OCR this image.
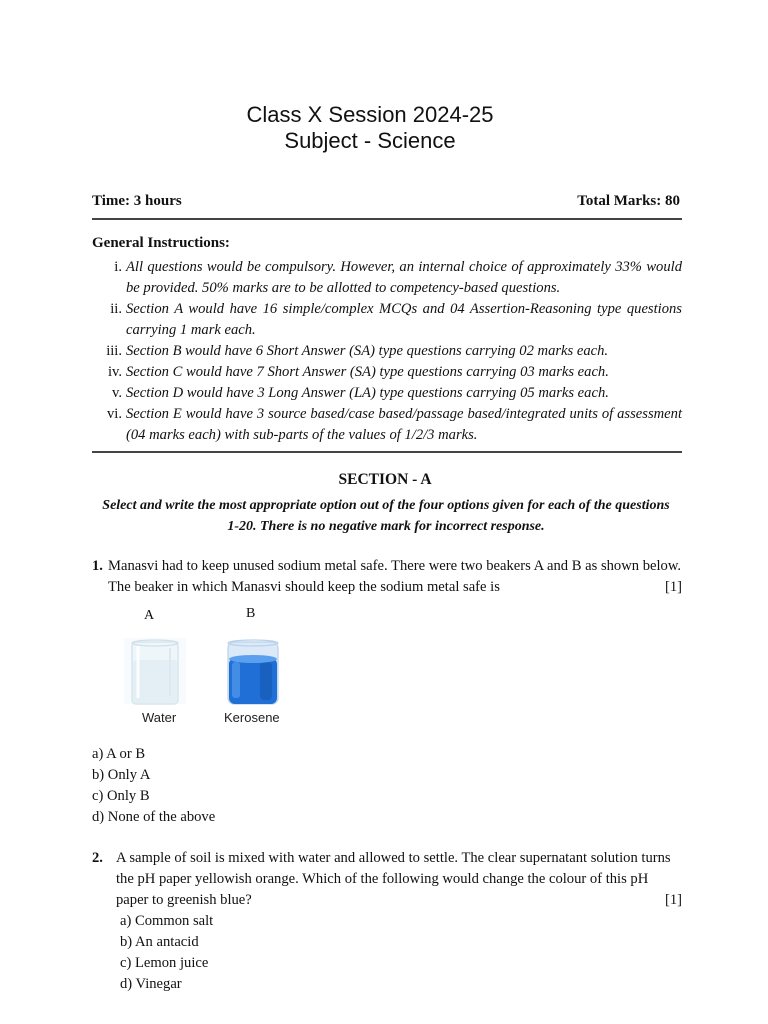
Class X Session 2024-25
Subject - Science
Time: 3 hours	Total Marks: 80
General Instructions:
i. All questions would be compulsory. However, an internal choice of approximately 33% would be provided. 50% marks are to be allotted to competency-based questions.
ii. Section A would have 16 simple/complex MCQs and 04 Assertion-Reasoning type questions carrying 1 mark each.
iii. Section B would have 6 Short Answer (SA) type questions carrying 02 marks each.
iv. Section C would have 7 Short Answer (SA) type questions carrying 03 marks each.
v. Section D would have 3 Long Answer (LA) type questions carrying 05 marks each.
vi. Section E would have 3 source based/case based/passage based/integrated units of assessment (04 marks each) with sub-parts of the values of 1/2/3 marks.
SECTION - A
Select and write the most appropriate option out of the four options given for each of the questions 1-20. There is no negative mark for incorrect response.
1. Manasvi had to keep unused sodium metal safe. There were two beakers A and B as shown below. The beaker in which Manasvi should keep the sodium metal safe is	[1]
a) A or B
b) Only A
c) Only B
d) None of the above
A	B
Water	Kerosene
2. A sample of soil is mixed with water and allowed to settle. The clear supernatant solution turns the pH paper yellowish orange. Which of the following would change the colour of this pH paper to greenish blue?	[1]
a) Common salt
b) An antacid
c) Lemon juice
d) Vinegar
